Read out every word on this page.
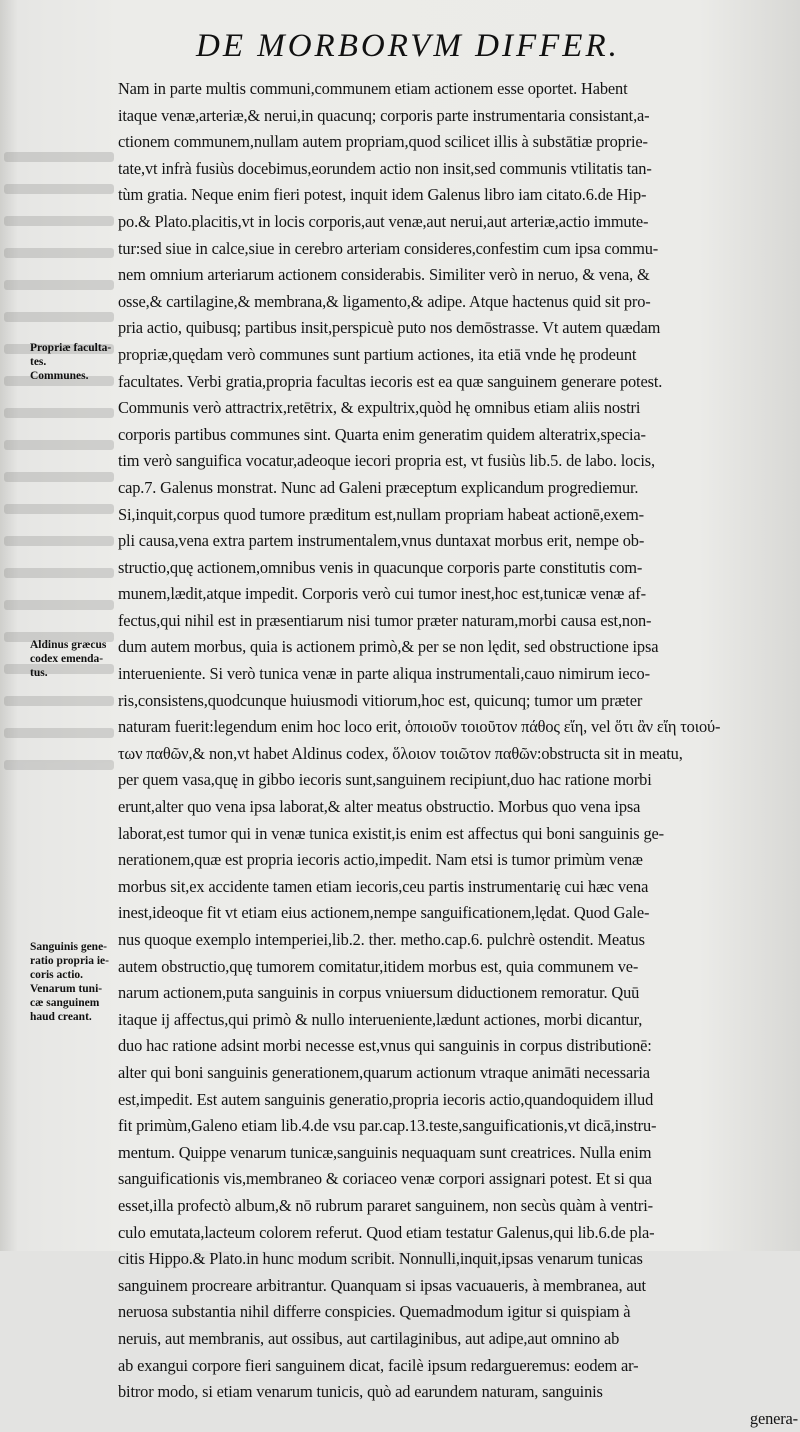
DE MORBORVM DIFFER.
Propriæ faculta-
tes.
Communes.
Aldinus græcus
codex emenda-
tus.
Sanguinis gene-
ratio propria ie-
coris actio.
Venarum tuni-
cæ sanguinem
haud creant.
Nam in parte multis communi,communem etiam actionem esse oportet. Habent
itaque venæ,arteriæ,& nerui,in quacunq; corporis parte instrumentaria consistant,a-
ctionem communem,nullam autem propriam,quod scilicet illis à substātiæ proprie-
tate,vt infrà fusiùs docebimus,eorundem actio non insit,sed communis vtilitatis tan-
tùm gratia. Neque enim fieri potest, inquit idem Galenus libro iam citato.6.de Hip-
po.& Plato.placitis,vt in locis corporis,aut venæ,aut nerui,aut arteriæ,actio immute-
tur:sed siue in calce,siue in cerebro arteriam consideres,confestim cum ipsa commu-
nem omnium arteriarum actionem considerabis. Similiter verò in neruo, & vena, &
osse,& cartilagine,& membrana,& ligamento,& adipe. Atque hactenus quid sit pro-
pria actio, quibusq; partibus insit,perspicuè puto nos demōstrasse. Vt autem quædam
propriæ,quędam verò communes sunt partium actiones, ita etiā vnde hę prodeunt
facultates. Verbi gratia,propria facultas iecoris est ea quæ sanguinem generare potest.
Communis verò attractrix,retētrix, & expultrix,quòd hę omnibus etiam aliis nostri
corporis partibus communes sint. Quarta enim generatim quidem alteratrix,specia-
tim verò sanguifica vocatur,adeoque iecori propria est, vt fusiùs lib.5. de labo. locis,
cap.7. Galenus monstrat. Nunc ad Galeni præceptum explicandum progrediemur.
Si,inquit,corpus quod tumore præditum est,nullam propriam habeat actionē,exem-
pli causa,vena extra partem instrumentalem,vnus duntaxat morbus erit, nempe ob-
structio,quę actionem,omnibus venis in quacunque corporis parte constitutis com-
munem,lædit,atque impedit. Corporis verò cui tumor inest,hoc est,tunicæ venæ af-
fectus,qui nihil est in præsentiarum nisi tumor præter naturam,morbi causa est,non-
dum autem morbus, quia is actionem primò,& per se non lędit, sed obstructione ipsa
interueniente. Si verò tunica venæ in parte aliqua instrumentali,cauo nimirum ieco-
ris,consistens,quodcunque huiusmodi vitiorum,hoc est, quicunq; tumor um præter
naturam fuerit:legendum enim hoc loco erit, ὁποιοῦν τοιοῦτον πάθος εἴη, vel ὅτι ἂν εἴη τοιού-
των παθῶν,& non,vt habet Aldinus codex, ὅλοιον τοιῶτον παθῶν:obstructa sit in meatu,
per quem vasa,quę in gibbo iecoris sunt,sanguinem recipiunt,duo hac ratione morbi
erunt,alter quo vena ipsa laborat,& alter meatus obstructio. Morbus quo vena ipsa
laborat,est tumor qui in venæ tunica existit,is enim est affectus qui boni sanguinis ge-
nerationem,quæ est propria iecoris actio,impedit. Nam etsi is tumor primùm venæ
morbus sit,ex accidente tamen etiam iecoris,ceu partis instrumentarię cui hæc vena
inest,ideoque fit vt etiam eius actionem,nempe sanguificationem,lędat. Quod Gale-
nus quoque exemplo intemperiei,lib.2. ther. metho.cap.6. pulchrè ostendit. Meatus
autem obstructio,quę tumorem comitatur,itidem morbus est, quia communem ve-
narum actionem,puta sanguinis in corpus vniuersum diductionem remoratur. Quū
itaque ij affectus,qui primò & nullo interueniente,lædunt actiones, morbi dicantur,
duo hac ratione adsint morbi necesse est,vnus qui sanguinis in corpus distributionē:
alter qui boni sanguinis generationem,quarum actionum vtraque animāti necessaria
est,impedit. Est autem sanguinis generatio,propria iecoris actio,quandoquidem illud
fit primùm,Galeno etiam lib.4.de vsu par.cap.13.teste,sanguificationis,vt dicā,instru-
mentum. Quippe venarum tunicæ,sanguinis nequaquam sunt creatrices. Nulla enim
sanguificationis vis,membraneo & coriaceo venæ corpori assignari potest. Et si qua
esset,illa profectò album,& nō rubrum pararet sanguinem, non secùs quàm à ventri-
culo emutata,lacteum colorem referut. Quod etiam testatur Galenus,qui lib.6.de pla-
citis Hippo.& Plato.in hunc modum scribit. Nonnulli,inquit,ipsas venarum tunicas
sanguinem procreare arbitrantur. Quanquam si ipsas vacuaueris, à membranea, aut
neruosa substantia nihil differre conspicies. Quemadmodum igitur si quispiam à
neruis, aut membranis, aut ossibus, aut cartilaginibus, aut adipe,aut omnino ab
ab exangui corpore fieri sanguinem dicat, facilè ipsum redargueremus: eodem ar-
bitror modo, si etiam venarum tunicis, quò ad earundem naturam, sanguinis
genera-
